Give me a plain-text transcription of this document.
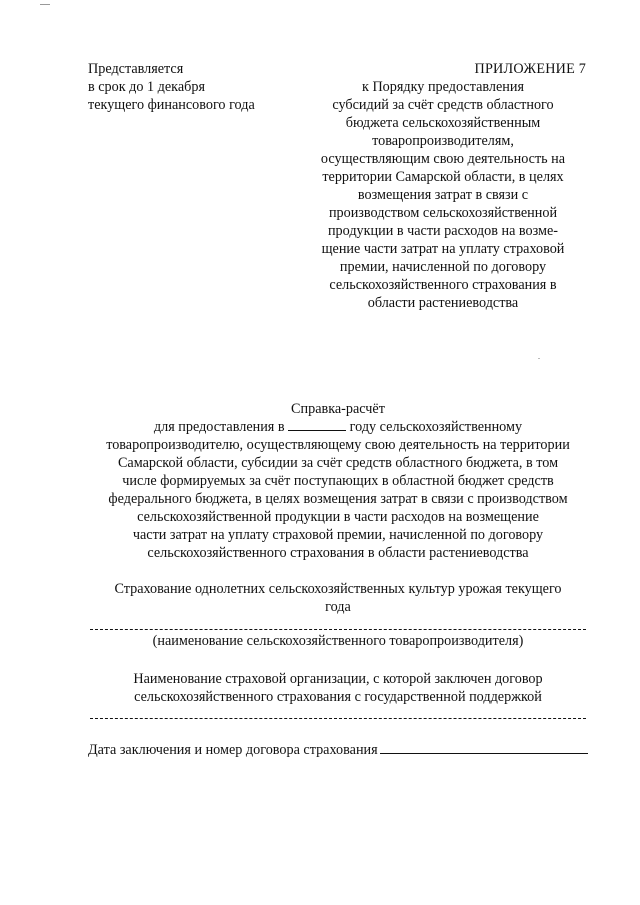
Представляется
в срок до 1 декабря
текущего финансового года
ПРИЛОЖЕНИЕ 7
к Порядку предоставления
субсидий за счёт средств областного
бюджета сельскохозяйственным
товаропроизводителям,
осуществляющим свою деятельность на
территории Самарской области, в целях
возмещения затрат в связи с
производством сельскохозяйственной
продукции в части расходов на возме-
щение части затрат на уплату страховой
премии, начисленной по договору
сельскохозяйственного страхования в
области растениеводства
Справка-расчёт
для предоставления в	году сельскохозяйственному
товаропроизводителю, осуществляющему свою деятельность на территории
Самарской области, субсидии за счёт средств областного бюджета, в том
числе формируемых за счёт поступающих в областной бюджет средств
федерального бюджета, в целях возмещения затрат в связи с производством
сельскохозяйственной продукции в части расходов на возмещение
части затрат на уплату страховой премии, начисленной по договору
сельскохозяйственного страхования в области растениеводства
Страхование однолетних сельскохозяйственных культур урожая текущего
года
(наименование сельскохозяйственного товаропроизводителя)
Наименование страховой организации, с которой заключен договор
сельскохозяйственного страхования с государственной поддержкой
Дата заключения и номер договора страхования
